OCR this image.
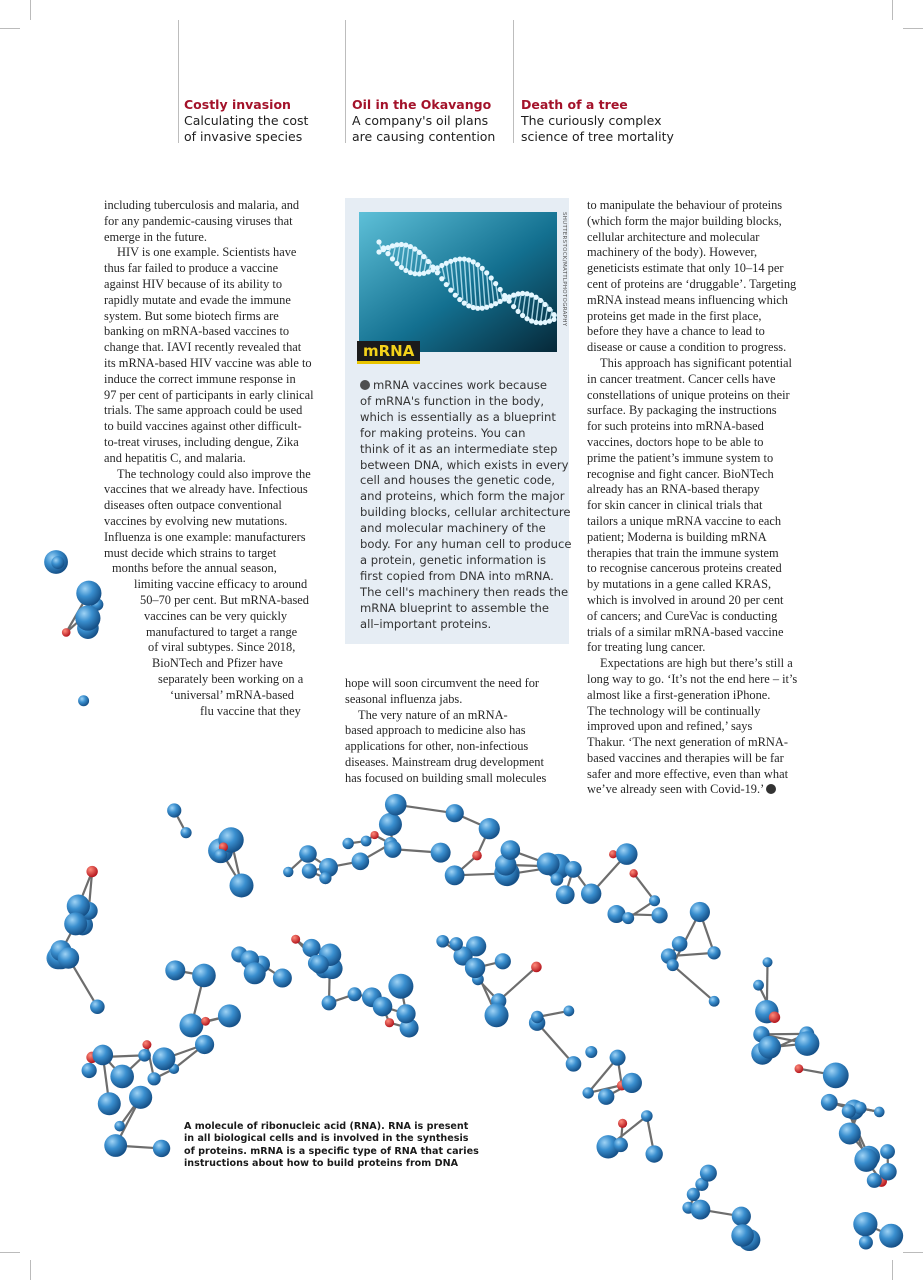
Costly invasion
Calculating the cost
of invasive species
Oil in the Okavango
A company's oil plans
are causing contention
Death of a tree
The curiously complex
science of tree mortality
including tuberculosis and malaria, and
for any pandemic-causing viruses that
emerge in the future.
HIV is one example. Scientists have
thus far failed to produce a vaccine
against HIV because of its ability to
rapidly mutate and evade the immune
system. But some biotech firms are
banking on mRNA-based vaccines to
change that. IAVI recently revealed that
its mRNA-based HIV vaccine was able to
induce the correct immune response in
97 per cent of participants in early clinical
trials. The same approach could be used
to build vaccines against other difficult-
to-treat viruses, including dengue, Zika
and hepatitis C, and malaria.
The technology could also improve the
vaccines that we already have. Infectious
diseases often outpace conventional
vaccines by evolving new mutations.
Influenza is one example: manufacturers
must decide which strains to target
months before the annual season,
limiting vaccine efficacy to around
50–70 per cent. But mRNA-based
vaccines can be very quickly
manufactured to target a range
of viral subtypes. Since 2018,
BioNTech and Pfizer have
separately been working on a
‘universal’ mRNA-based
flu vaccine that they
SHUTTERSTOCK/MATTLPHOTOGRAPHY
mRNA
mRNA vaccines work because
of mRNA's function in the body,
which is essentially as a blueprint
for making proteins. You can
think of it as an intermediate step
between DNA, which exists in every
cell and houses the genetic code,
and proteins, which form the major
building blocks, cellular architecture
and molecular machinery of the
body. For any human cell to produce
a protein, genetic information is
first copied from DNA into mRNA.
The cell's machinery then reads the
mRNA blueprint to assemble the
all–important proteins.
hope will soon circumvent the need for
seasonal influenza jabs.
The very nature of an mRNA-
based approach to medicine also has
applications for other, non-infectious
diseases. Mainstream drug development
has focused on building small molecules
to manipulate the behaviour of proteins
(which form the major building blocks,
cellular architecture and molecular
machinery of the body). However,
geneticists estimate that only 10–14 per
cent of proteins are ‘druggable’. Targeting
mRNA instead means influencing which
proteins get made in the first place,
before they have a chance to lead to
disease or cause a condition to progress.
This approach has significant potential
in cancer treatment. Cancer cells have
constellations of unique proteins on their
surface. By packaging the instructions
for such proteins into mRNA-based
vaccines, doctors hope to be able to
prime the patient’s immune system to
recognise and fight cancer. BioNTech
already has an RNA-based therapy
for skin cancer in clinical trials that
tailors a unique mRNA vaccine to each
patient; Moderna is building mRNA
therapies that train the immune system
to recognise cancerous proteins created
by mutations in a gene called KRAS,
which is involved in around 20 per cent
of cancers; and CureVac is conducting
trials of a similar mRNA-based vaccine
for treating lung cancer.
Expectations are high but there’s still a
long way to go. ‘It’s not the end here – it’s
almost like a first-generation iPhone.
The technology will be continually
improved upon and refined,’ says
Thakur. ‘The next generation of mRNA-
based vaccines and therapies will be far
safer and more effective, even than what
we’ve already seen with Covid-19.’
A molecule of ribonucleic acid (RNA). RNA is present
in all biological cells and is involved in the synthesis
of proteins. mRNA is a specific type of RNA that caries
instructions about how to build proteins from DNA
